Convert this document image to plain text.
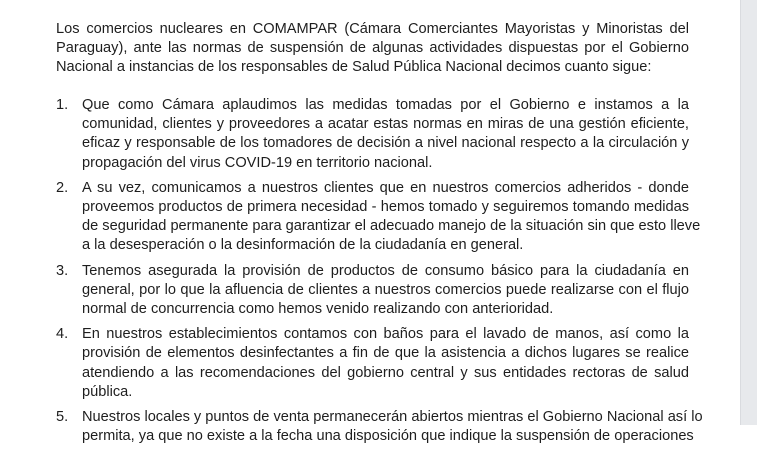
Los comercios nucleares en COMAMPAR (Cámara Comerciantes Mayoristas y Minoristas del
Paraguay), ante las normas de suspensión de algunas actividades dispuestas por el Gobierno
Nacional a instancias de los responsables de Salud Pública Nacional decimos cuanto sigue:

1. Que como Cámara aplaudimos las medidas tomadas por el Gobierno e instamos a la
comunidad, clientes y proveedores a acatar estas normas en miras de una gestión eficiente,
eficaz y responsable de los tomadores de decisión a nivel nacional respecto a la circulación y
propagación del virus COVID-19 en territorio nacional.
2. A su vez, comunicamos a nuestros clientes que en nuestros comercios adheridos - donde
proveemos productos de primera necesidad - hemos tomado y seguiremos tomando medidas
de seguridad permanente para garantizar el adecuado manejo de la situación sin que esto lleve
a la desesperación o la desinformación de la ciudadanía en general.
3. Tenemos asegurada la provisión de productos de consumo básico para la ciudadanía en
general, por lo que la afluencia de clientes a nuestros comercios puede realizarse con el flujo
normal de concurrencia como hemos venido realizando con anterioridad.
4. En nuestros establecimientos contamos con baños para el lavado de manos, así como la
provisión de elementos desinfectantes a fin de que la asistencia a dichos lugares se realice
atendiendo a las recomendaciones del gobierno central y sus entidades rectoras de salud
pública.
5. Nuestros locales y puntos de venta permanecerán abiertos mientras el Gobierno Nacional así lo
permita, ya que no existe a la fecha una disposición que indique la suspensión de operaciones
